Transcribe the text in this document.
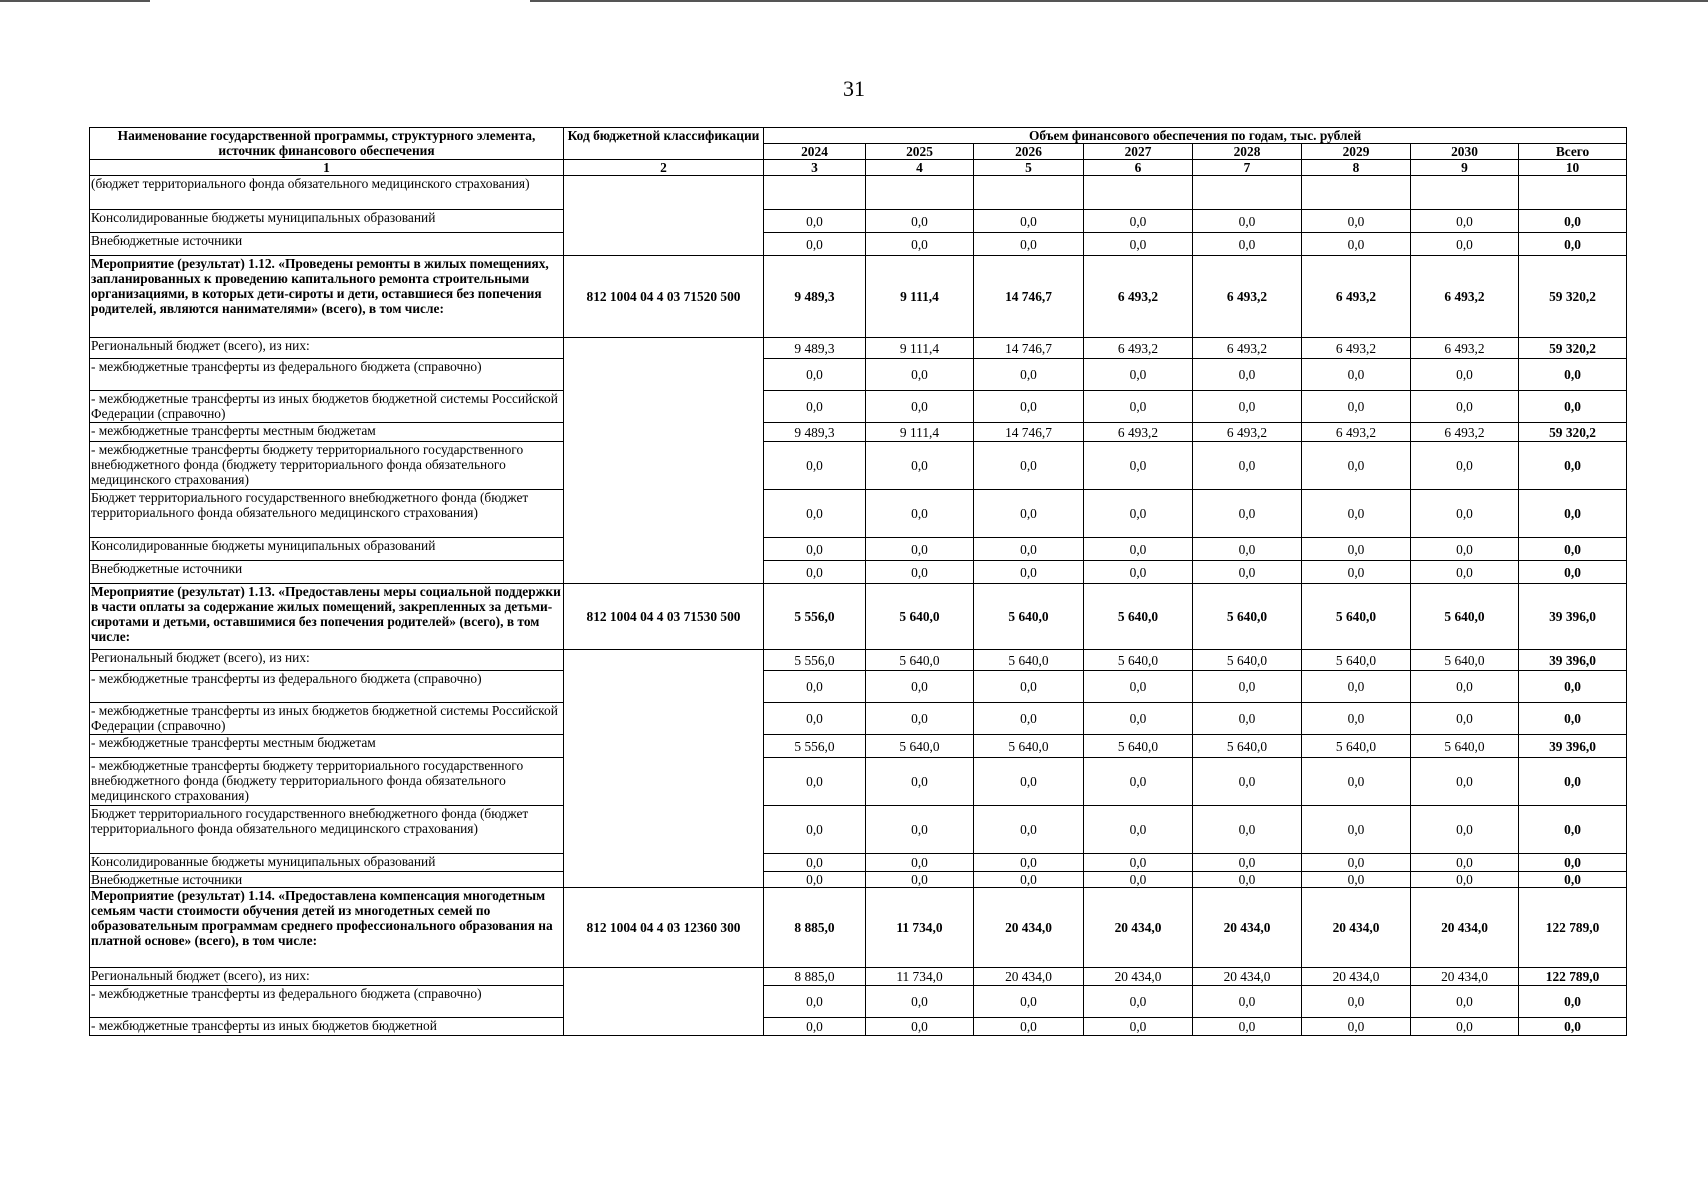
31
Наименование государственной программы, структурного элемента, источник финансового обеспечения	Код бюджетной классификации	Объем финансового обеспечения по годам, тыс. рублей							
		2024	2025	2026	2027	2028	2029	2030	Всего
1	2	3	4	5	6	7	8	9	10
(бюджет территориального фонда обязательного медицинского страхования)									
Консолидированные бюджеты муниципальных образований		0,0	0,0	0,0	0,0	0,0	0,0	0,0	0,0
Внебюджетные источники		0,0	0,0	0,0	0,0	0,0	0,0	0,0	0,0
Мероприятие (результат) 1.12. «Проведены ремонты в жилых помещениях, запланированных к проведению капитального ремонта строительными организациями, в которых дети-сироты и дети, оставшиеся без попечения родителей, являются нанимателями» (всего), в том числе:	812 1004 04 4 03 71520 500	9 489,3	9 111,4	14 746,7	6 493,2	6 493,2	6 493,2	6 493,2	59 320,2
Региональный бюджет (всего), из них:		9 489,3	9 111,4	14 746,7	6 493,2	6 493,2	6 493,2	6 493,2	59 320,2
- межбюджетные трансферты из федерального бюджета (справочно)		0,0	0,0	0,0	0,0	0,0	0,0	0,0	0,0
- межбюджетные трансферты из иных бюджетов бюджетной системы Российской Федерации (справочно)		0,0	0,0	0,0	0,0	0,0	0,0	0,0	0,0
- межбюджетные трансферты местным бюджетам		9 489,3	9 111,4	14 746,7	6 493,2	6 493,2	6 493,2	6 493,2	59 320,2
- межбюджетные трансферты бюджету территориального государственного внебюджетного фонда (бюджету территориального фонда обязательного медицинского страхования)		0,0	0,0	0,0	0,0	0,0	0,0	0,0	0,0
Бюджет территориального государственного внебюджетного фонда (бюджет территориального фонда обязательного медицинского страхования)		0,0	0,0	0,0	0,0	0,0	0,0	0,0	0,0
Консолидированные бюджеты муниципальных образований		0,0	0,0	0,0	0,0	0,0	0,0	0,0	0,0
Внебюджетные источники		0,0	0,0	0,0	0,0	0,0	0,0	0,0	0,0
Мероприятие (результат) 1.13. «Предоставлены меры социальной поддержки в части оплаты за содержание жилых помещений, закрепленных за детьми-сиротами и детьми, оставшимися без попечения родителей» (всего), в том числе:	812 1004 04 4 03 71530 500	5 556,0	5 640,0	5 640,0	5 640,0	5 640,0	5 640,0	5 640,0	39 396,0
Региональный бюджет (всего), из них:		5 556,0	5 640,0	5 640,0	5 640,0	5 640,0	5 640,0	5 640,0	39 396,0
- межбюджетные трансферты из федерального бюджета (справочно)		0,0	0,0	0,0	0,0	0,0	0,0	0,0	0,0
- межбюджетные трансферты из иных бюджетов бюджетной системы Российской Федерации (справочно)		0,0	0,0	0,0	0,0	0,0	0,0	0,0	0,0
- межбюджетные трансферты местным бюджетам		5 556,0	5 640,0	5 640,0	5 640,0	5 640,0	5 640,0	5 640,0	39 396,0
- межбюджетные трансферты бюджету территориального государственного внебюджетного фонда (бюджету территориального фонда обязательного медицинского страхования)		0,0	0,0	0,0	0,0	0,0	0,0	0,0	0,0
Бюджет территориального государственного внебюджетного фонда (бюджет территориального фонда обязательного медицинского страхования)		0,0	0,0	0,0	0,0	0,0	0,0	0,0	0,0
Консолидированные бюджеты муниципальных образований		0,0	0,0	0,0	0,0	0,0	0,0	0,0	0,0
Внебюджетные источники		0,0	0,0	0,0	0,0	0,0	0,0	0,0	0,0
Мероприятие (результат) 1.14. «Предоставлена компенсация многодетным семьям части стоимости обучения детей из многодетных семей по образовательным программам среднего профессионального образования на платной основе» (всего), в том числе:	812 1004 04 4 03 12360 300	8 885,0	11 734,0	20 434,0	20 434,0	20 434,0	20 434,0	20 434,0	122 789,0
Региональный бюджет (всего), из них:		8 885,0	11 734,0	20 434,0	20 434,0	20 434,0	20 434,0	20 434,0	122 789,0
- межбюджетные трансферты из федерального бюджета (справочно)		0,0	0,0	0,0	0,0	0,0	0,0	0,0	0,0
- межбюджетные трансферты из иных бюджетов бюджетной		0,0	0,0	0,0	0,0	0,0	0,0	0,0	0,0
